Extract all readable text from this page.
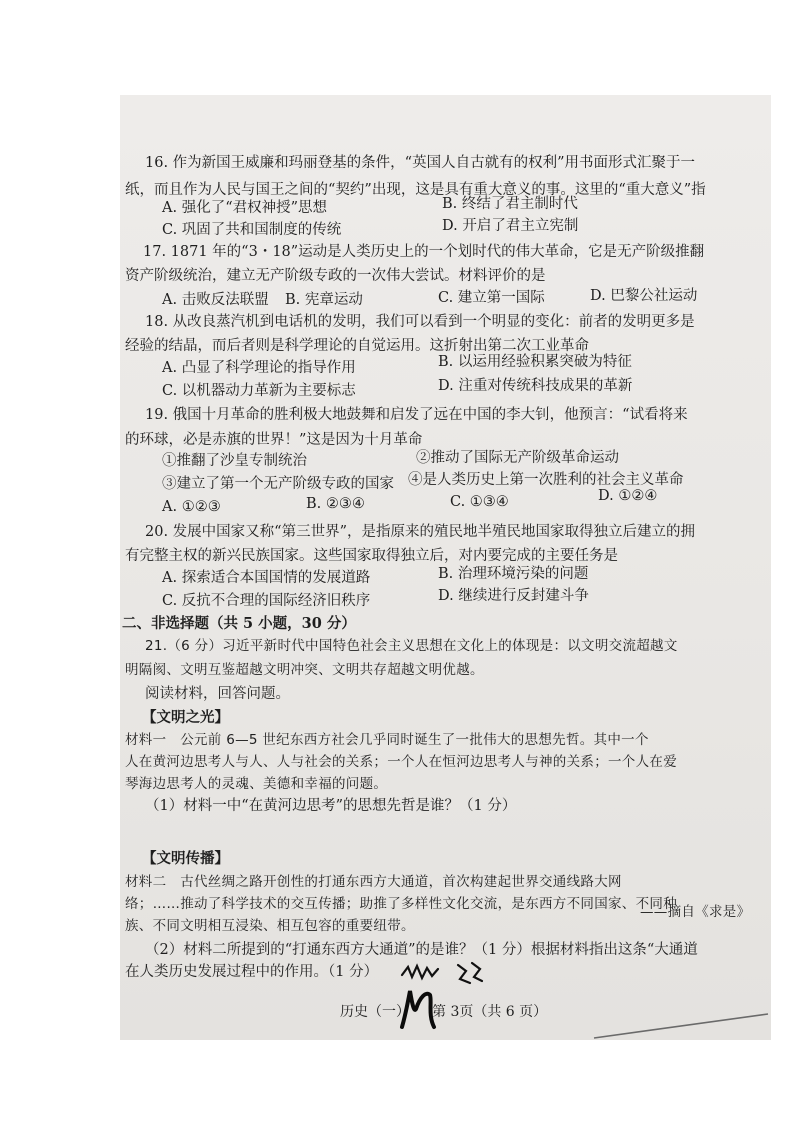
16. 作为新国王威廉和玛丽登基的条件，“英国人自古就有的权利”用书面形式汇聚于一
纸，而且作为人民与国王之间的“契约”出现，这是具有重大意义的事。这里的“重大意义”指
A. 强化了“君权神授”思想	B. 终结了君主制时代
C. 巩固了共和国制度的传统	D. 开启了君主立宪制
17. 1871 年的“3・18”运动是人类历史上的一个划时代的伟大革命，它是无产阶级推翻
资产阶级统治，建立无产阶级专政的一次伟大尝试。材料评价的是
A. 击败反法联盟 B. 宪章运动	C. 建立第一国际	D. 巴黎公社运动
18. 从改良蒸汽机到电话机的发明，我们可以看到一个明显的变化：前者的发明更多是
经验的结晶，而后者则是科学理论的自觉运用。这折射出第二次工业革命
A. 凸显了科学理论的指导作用	B. 以运用经验积累突破为特征
C. 以机器动力革新为主要标志	D. 注重对传统科技成果的革新
19. 俄国十月革命的胜利极大地鼓舞和启发了远在中国的李大钊，他预言：“试看将来
的环球，必是赤旗的世界！”这是因为十月革命
①推翻了沙皇专制统治	②推动了国际无产阶级革命运动
③建立了第一个无产阶级专政的国家 ④是人类历史上第一次胜利的社会主义革命
A. ①②③	B. ②③④	C. ①③④	D. ①②④
20. 发展中国家又称“第三世界”，是指原来的殖民地半殖民地国家取得独立后建立的拥
有完整主权的新兴民族国家。这些国家取得独立后，对内要完成的主要任务是
A. 探索适合本国国情的发展道路	B. 治理环境污染的问题
C. 反抗不合理的国际经济旧秩序	D. 继续进行反封建斗争
二、非选择题（共 5 小题，30 分）
21.（6 分）习近平新时代中国特色社会主义思想在文化上的体现是：以文明交流超越文
明隔阂、文明互鉴超越文明冲突、文明共存超越文明优越。
阅读材料，回答问题。
【文明之光】
材料一　公元前 6—5 世纪东西方社会几乎同时诞生了一批伟大的思想先哲。其中一个
人在黄河边思考人与人、人与社会的关系；一个人在恒河边思考人与神的关系；一个人在爱
琴海边思考人的灵魂、美德和幸福的问题。
（1）材料一中“在黄河边思考”的思想先哲是谁？（1 分）
【文明传播】
材料二　古代丝绸之路开创性的打通东西方大通道，首次构建起世界交通线路大网
络；……推动了科学技术的交互传播；助推了多样性文化交流，是东西方不同国家、不同种
族、不同文明相互浸染、相互包容的重要纽带。
——摘自《求是》
（2）材料二所提到的“打通东西方大通道”的是谁？（1 分）根据材料指出这条“大通道
在人类历史发展过程中的作用。（1 分）
历史（一） 第 3页（共 6 页）
